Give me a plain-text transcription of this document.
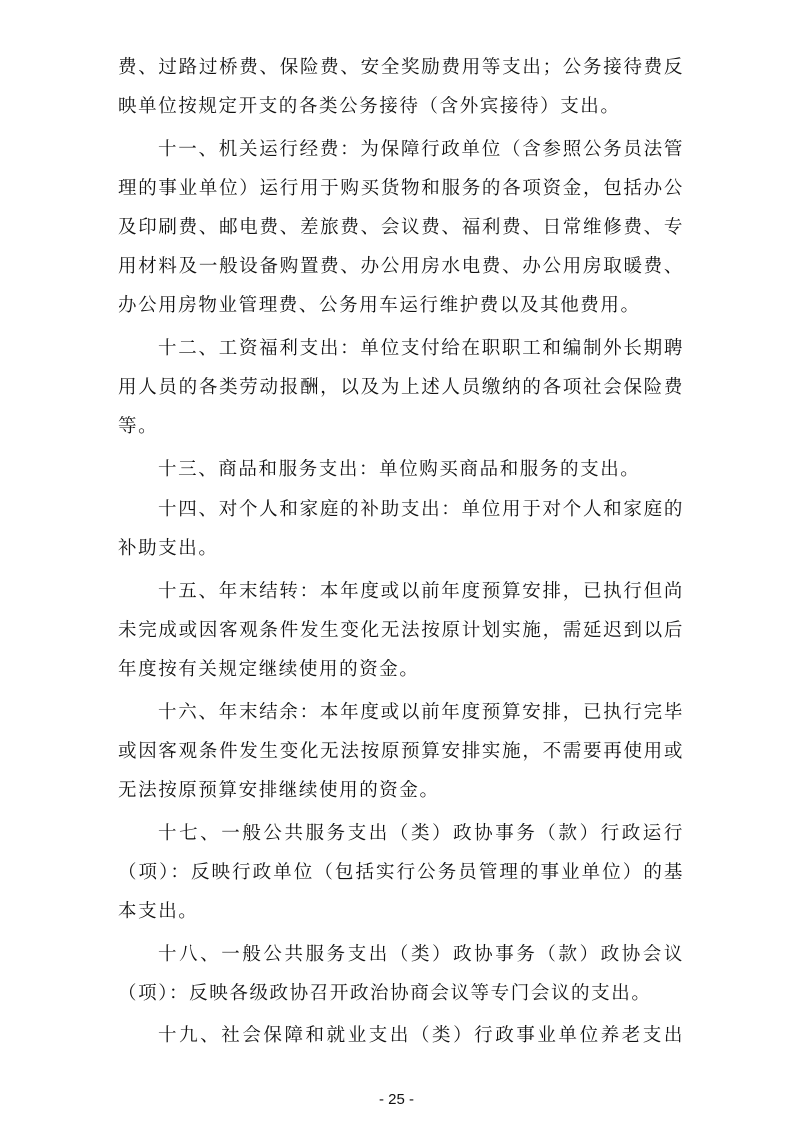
费、过路过桥费、保险费、安全奖励费用等支出；公务接待费反
映单位按规定开支的各类公务接待（含外宾接待）支出。
十一、机关运行经费：为保障行政单位（含参照公务员法管
理的事业单位）运行用于购买货物和服务的各项资金，包括办公
及印刷费、邮电费、差旅费、会议费、福利费、日常维修费、专
用材料及一般设备购置费、办公用房水电费、办公用房取暖费、
办公用房物业管理费、公务用车运行维护费以及其他费用。
十二、工资福利支出：单位支付给在职职工和编制外长期聘
用人员的各类劳动报酬，以及为上述人员缴纳的各项社会保险费
等。
十三、商品和服务支出：单位购买商品和服务的支出。
十四、对个人和家庭的补助支出：单位用于对个人和家庭的
补助支出。
十五、年末结转：本年度或以前年度预算安排，已执行但尚
未完成或因客观条件发生变化无法按原计划实施，需延迟到以后
年度按有关规定继续使用的资金。
十六、年末结余：本年度或以前年度预算安排，已执行完毕
或因客观条件发生变化无法按原预算安排实施，不需要再使用或
无法按原预算安排继续使用的资金。
十七、一般公共服务支出（类）政协事务（款）行政运行
（项）：反映行政单位（包括实行公务员管理的事业单位）的基
本支出。
十八、一般公共服务支出（类）政协事务（款）政协会议
（项）：反映各级政协召开政治协商会议等专门会议的支出。
十九、社会保障和就业支出（类）行政事业单位养老支出
- 25 -
